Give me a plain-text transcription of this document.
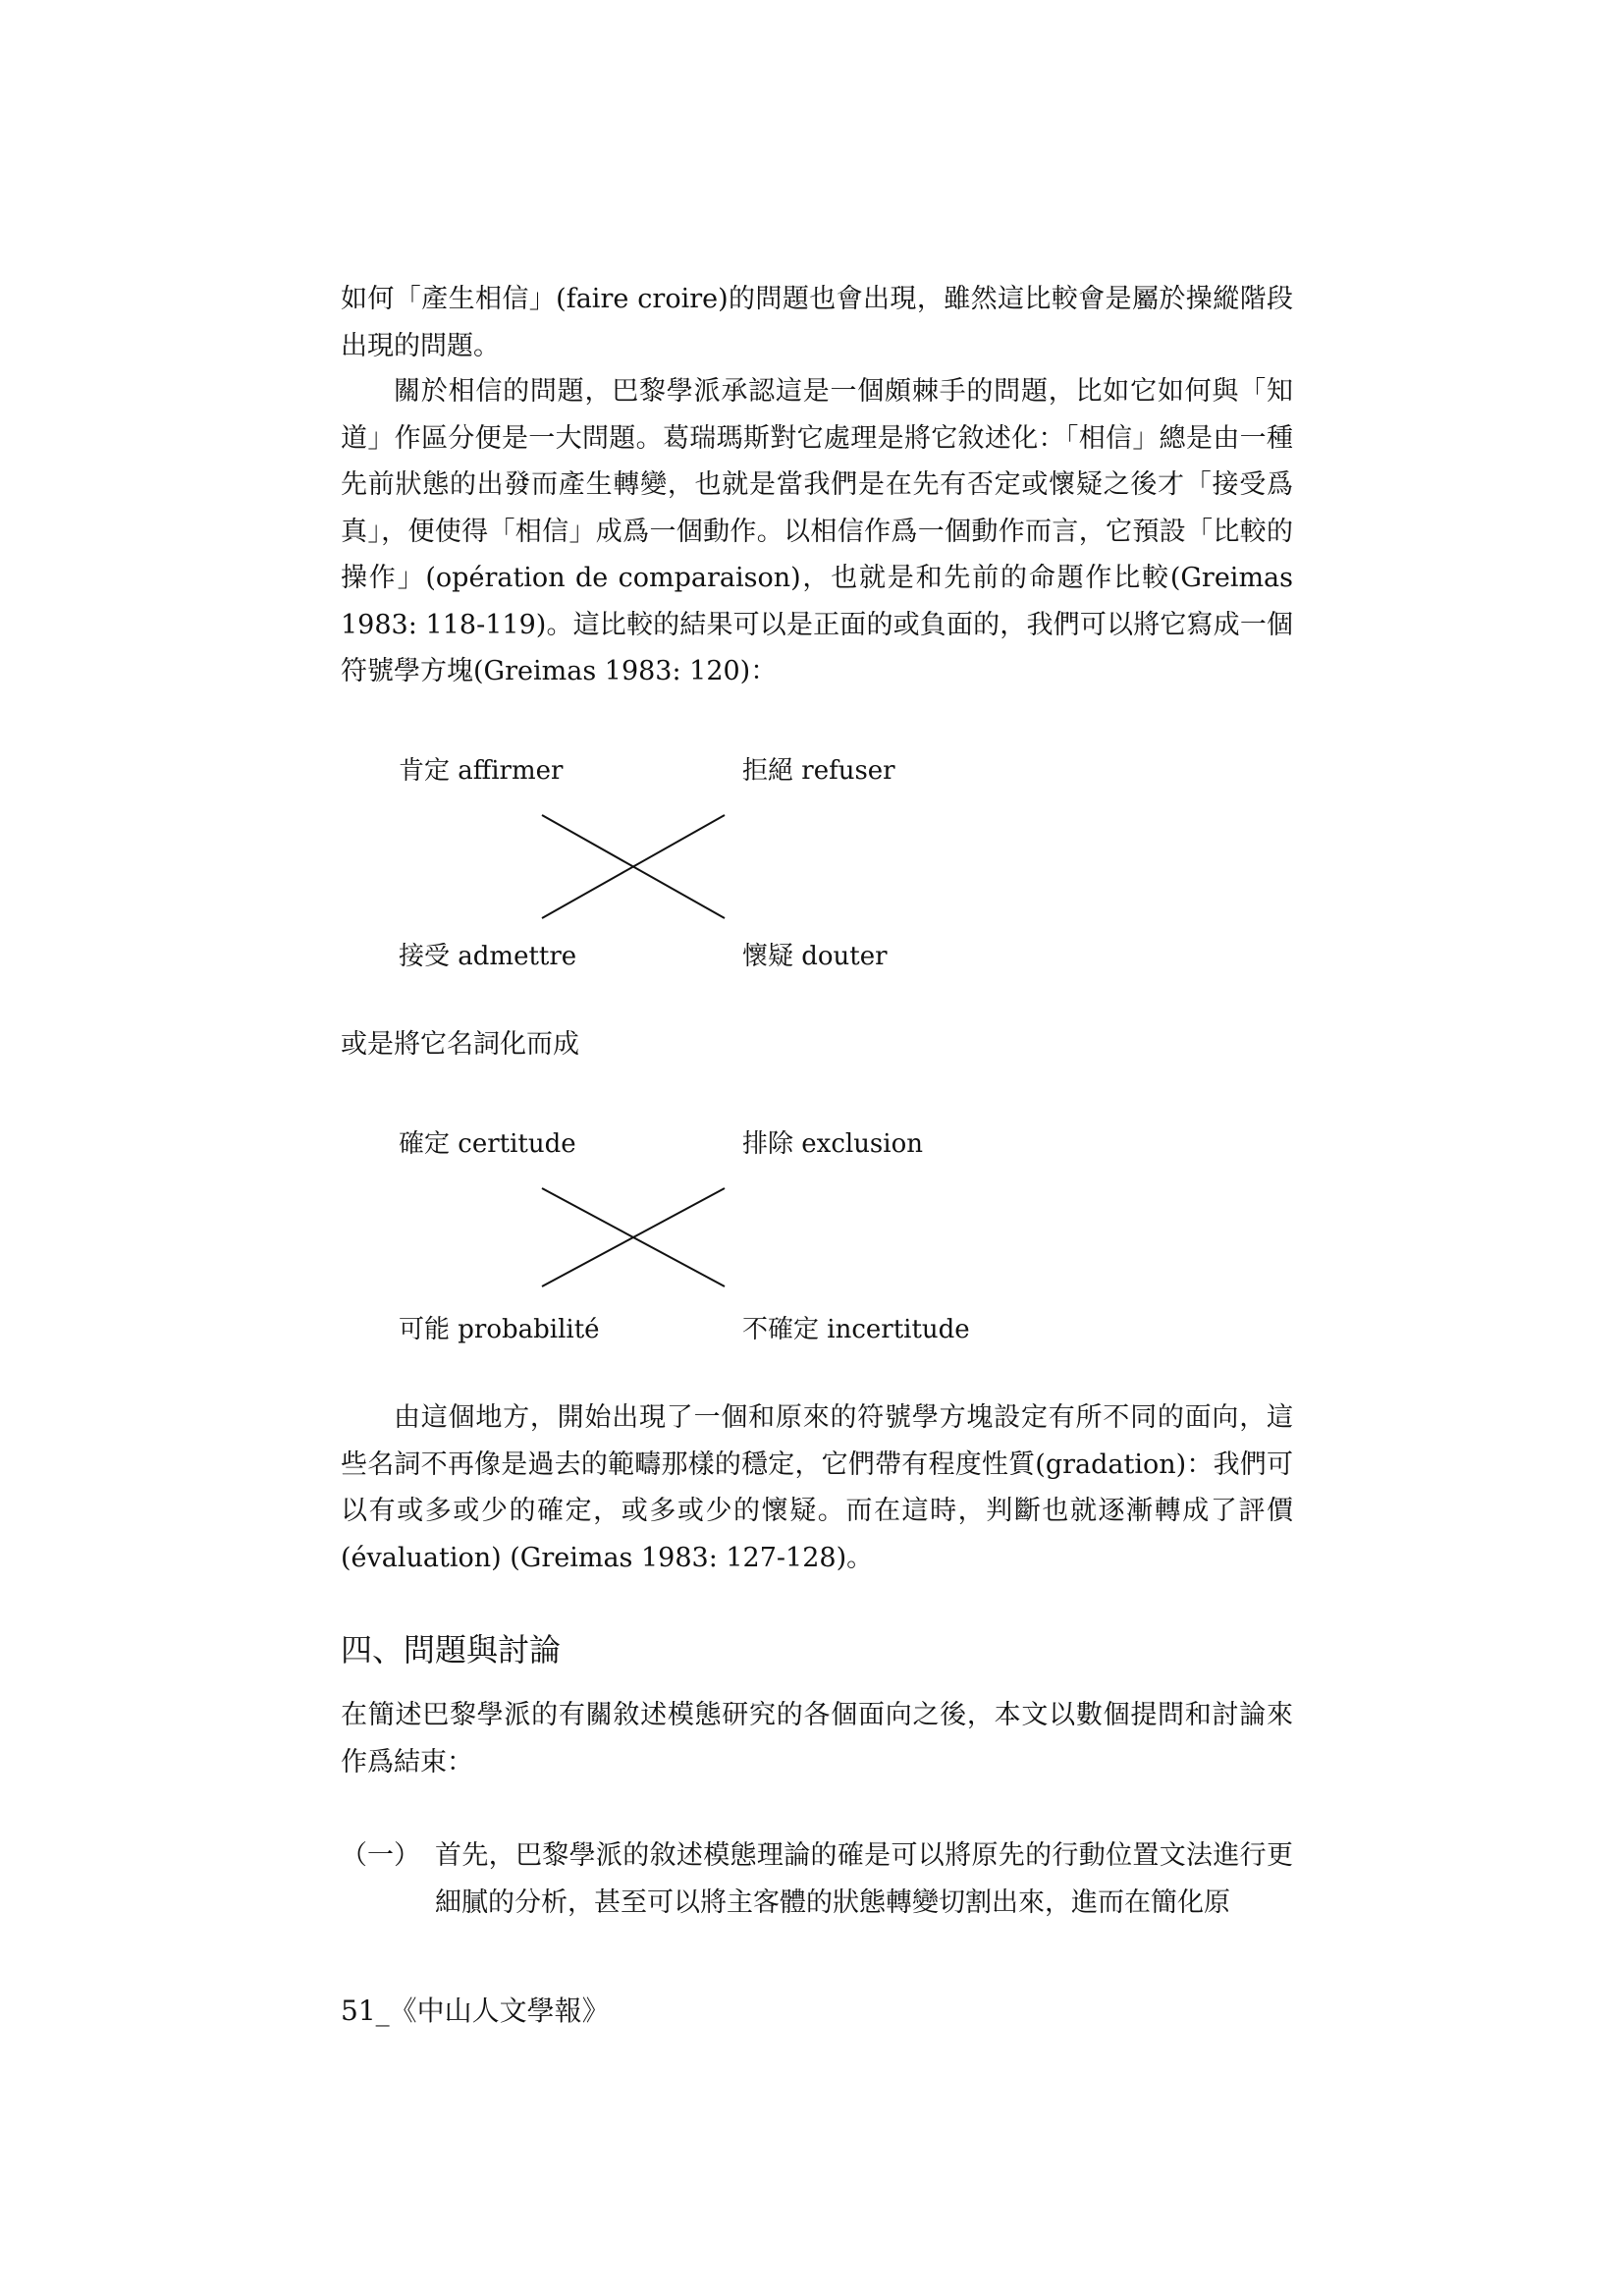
如何「產生相信」(faire croire)的問題也會出現，雖然這比較會是屬於操縱階段出現的問題。

關於相信的問題，巴黎學派承認這是一個頗棘手的問題，比如它如何與「知道」作區分便是一大問題。葛瑞瑪斯對它處理是將它敘述化：「相信」總是由一種先前狀態的出發而產生轉變，也就是當我們是在先有否定或懷疑之後才「接受爲真」，便使得「相信」成爲一個動作。以相信作爲一個動作而言，它預設「比較的操作」(opération de comparaison)，也就是和先前的命題作比較(Greimas 1983: 118-119)。這比較的結果可以是正面的或負面的，我們可以將它寫成一個符號學方塊(Greimas 1983: 120)：

肯定 affirmer	拒絕 refuser
接受 admettre	懷疑 douter
或是將它名詞化而成
確定 certitude	排除 exclusion
可能 probabilité	不確定 incertitude

由這個地方，開始出現了一個和原來的符號學方塊設定有所不同的面向，這些名詞不再像是過去的範疇那樣的穩定，它們帶有程度性質(gradation)：我們可以有或多或少的確定，或多或少的懷疑。而在這時，判斷也就逐漸轉成了評價(évaluation) (Greimas 1983: 127-128)。

四、問題與討論
在簡述巴黎學派的有關敘述模態研究的各個面向之後，本文以數個提問和討論來作爲結束：
（一） 首先，巴黎學派的敘述模態理論的確是可以將原先的行動位置文法進行更細膩的分析，甚至可以將主客體的狀態轉變切割出來，進而在簡化原
51_《中山人文學報》
